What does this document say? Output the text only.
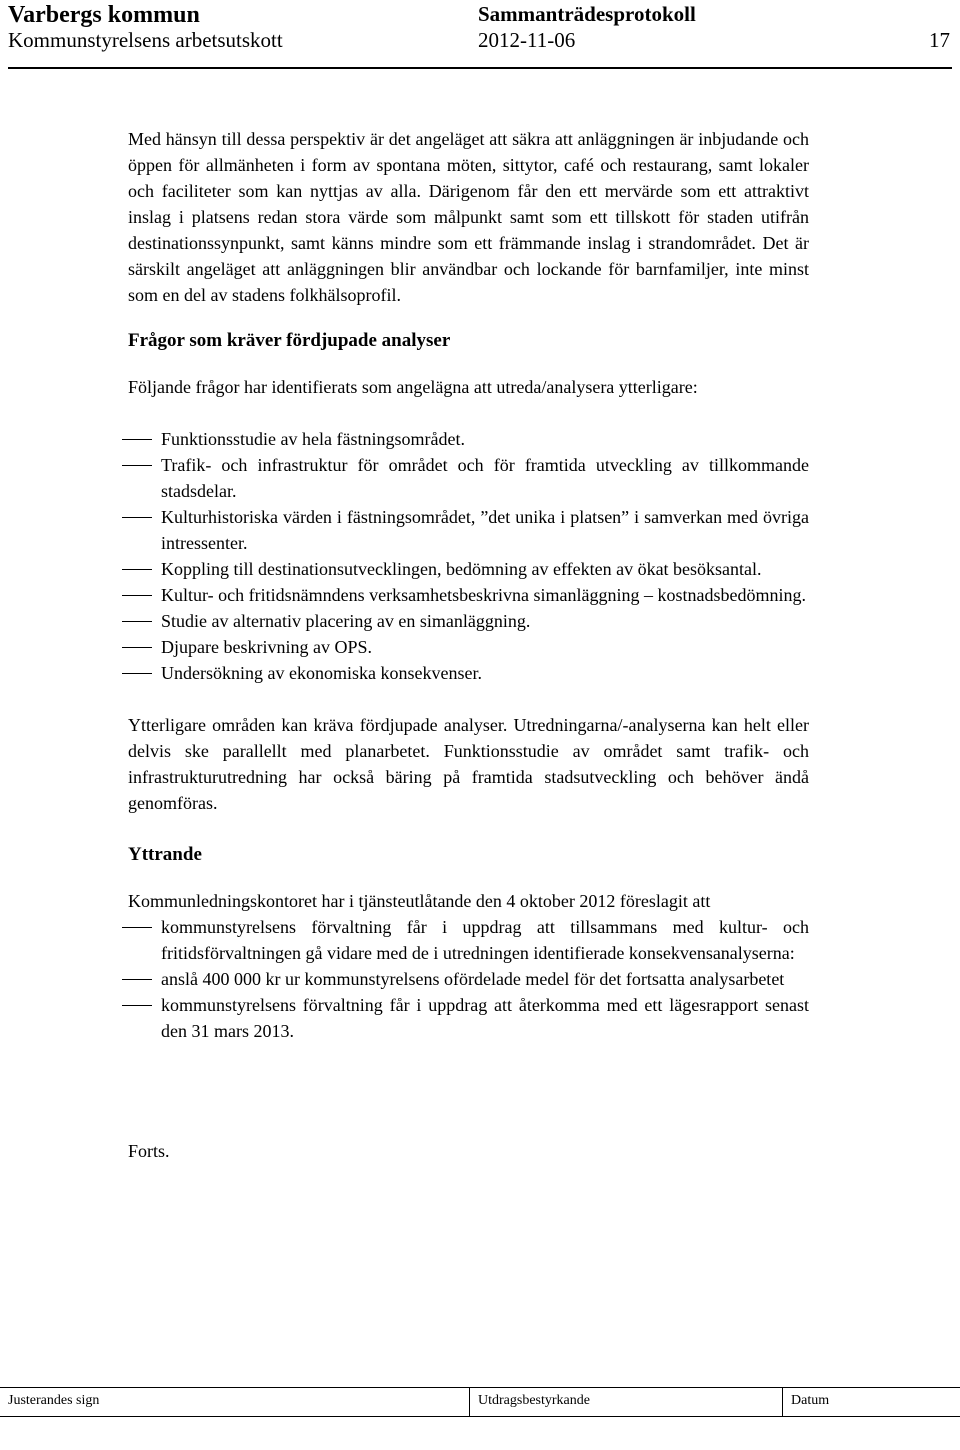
Varbergs kommun	Sammanträdesprotokoll
Kommunstyrelsens arbetsutskott	2012-11-06	17

Med hänsyn till dessa perspektiv är det angeläget att säkra att anläggningen är inbjudande och öppen för allmänheten i form av spontana möten, sittytor, café och restaurang, samt lokaler och faciliteter som kan nyttjas av alla. Därigenom får den ett mervärde som ett attraktivt inslag i platsens redan stora värde som målpunkt samt som ett tillskott för staden utifrån destinationssynpunkt, samt känns mindre som ett främmande inslag i strandområdet. Det är särskilt angeläget att anläggningen blir användbar och lockande för barnfamiljer, inte minst som en del av stadens folkhälsoprofil.

Frågor som kräver fördjupade analyser

Följande frågor har identifierats som angelägna att utreda/analysera ytterligare:

Funktionsstudie av hela fästningsområdet.
Trafik- och infrastruktur för området och för framtida utveckling av tillkommande stadsdelar.
Kulturhistoriska värden i fästningsområdet, ”det unika i platsen” i samverkan med övriga intressenter.
Koppling till destinationsutvecklingen, bedömning av effekten av ökat besöksantal.
Kultur- och fritidsnämndens verksamhetsbeskrivna simanläggning – kostnadsbedömning.
Studie av alternativ placering av en simanläggning.
Djupare beskrivning av OPS.
Undersökning av ekonomiska konsekvenser.

Ytterligare områden kan kräva fördjupade analyser. Utredningarna/-analyserna kan helt eller delvis ske parallellt med planarbetet. Funktionsstudie av området samt trafik- och infrastrukturutredning har också bäring på framtida stadsutveckling och behöver ändå genomföras.

Yttrande

Kommunledningskontoret har i tjänsteutlåtande den 4 oktober 2012 föreslagit att

kommunstyrelsens förvaltning får i uppdrag att tillsammans med kultur- och fritidsförvaltningen gå vidare med de i utredningen identifierade konsekvensanalyserna:
anslå 400 000 kr ur kommunstyrelsens ofördelade medel för det fortsatta analysarbetet
kommunstyrelsens förvaltning får i uppdrag att återkomma med ett lägesrapport senast den 31 mars 2013.

Forts.

Justerandes sign	Utdragsbestyrkande	Datum
